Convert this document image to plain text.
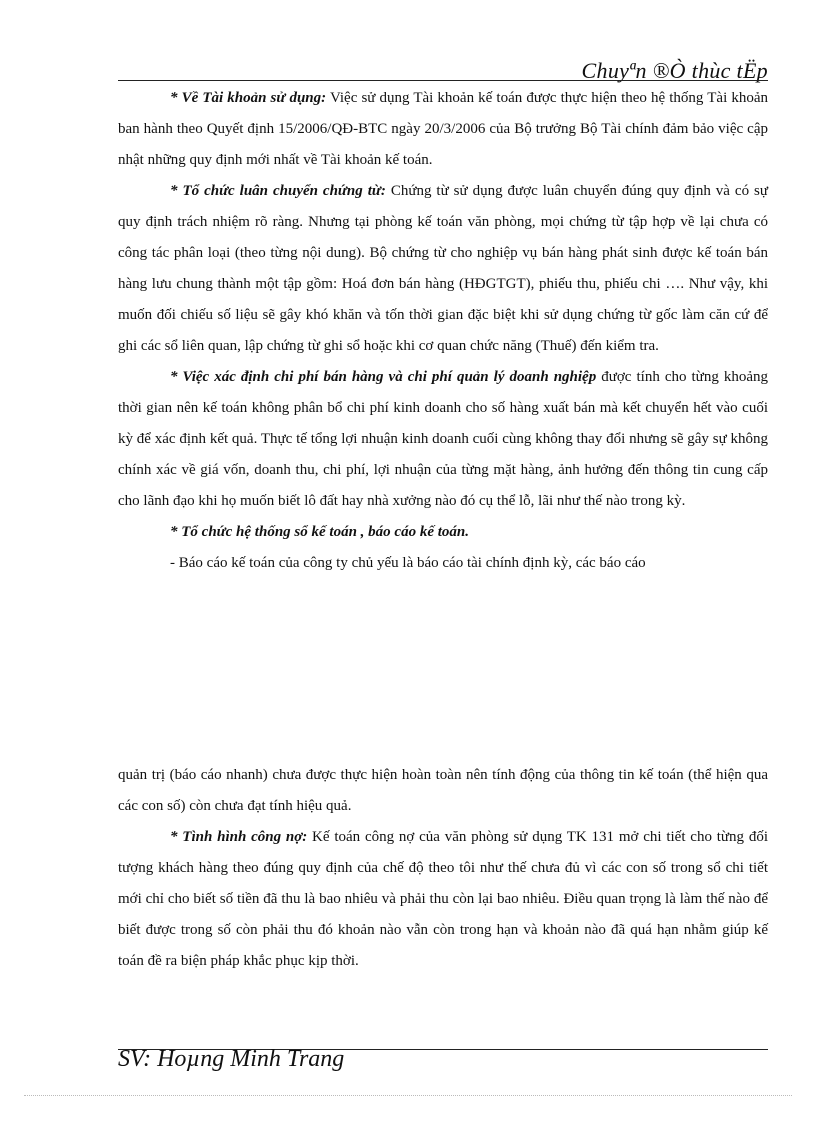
Chuyªn ®Ò thùc tËp

* Về Tài khoản sử dụng: Việc sử dụng Tài khoản kế toán được thực hiện theo hệ thống Tài khoản ban hành theo Quyết định 15/2006/QĐ-BTC ngày 20/3/2006 của Bộ trưởng Bộ Tài chính đảm bảo việc cập nhật những quy định mới nhất về Tài khoản kế toán.

* Tổ chức luân chuyển chứng từ: Chứng từ sử dụng được luân chuyển đúng quy định và có sự quy định trách nhiệm rõ ràng. Nhưng tại phòng kế toán văn phòng, mọi chứng từ tập hợp về lại chưa có công tác phân loại (theo từng nội dung). Bộ chứng từ cho nghiệp vụ bán hàng phát sinh được kế toán bán hàng lưu chung thành một tập gồm: Hoá đơn bán hàng (HĐGTGT), phiếu thu, phiếu chi …. Như vậy, khi muốn đối chiếu số liệu sẽ gây khó khăn và tốn thời gian đặc biệt khi sử dụng chứng từ gốc làm căn cứ để ghi các sổ liên quan, lập chứng từ ghi sổ hoặc khi cơ quan chức năng (Thuế) đến kiểm tra.

* Việc xác định chi phí bán hàng và chi phí quản lý doanh nghiệp được tính cho từng khoảng thời gian nên kế toán không phân bổ chi phí kinh doanh cho số hàng xuất bán mà kết chuyển hết vào cuối kỳ để xác định kết quả. Thực tế tổng lợi nhuận kinh doanh cuối cùng không thay đổi nhưng sẽ gây sự không chính xác về giá vốn, doanh thu, chi phí, lợi nhuận của từng mặt hàng, ảnh hưởng đến thông tin cung cấp cho lãnh đạo khi họ muốn biết lô đất hay nhà xưởng nào đó cụ thể lỗ, lãi như thế nào trong kỳ.

* Tổ chức hệ thống sổ kế toán , báo cáo kế toán.

- Báo cáo kế toán của công ty chủ yếu là báo cáo tài chính định kỳ, các báo cáo

quản trị (báo cáo nhanh) chưa được thực hiện hoàn toàn nên tính động của thông tin kế toán (thể hiện qua các con số) còn chưa đạt tính hiệu quả.

* Tình hình công nợ: Kế toán công nợ của văn phòng sử dụng TK 131 mở chi tiết cho từng đối tượng khách hàng theo đúng quy định của chế độ theo tôi như thế chưa đủ vì các con số trong sổ chi tiết mới chỉ cho biết số tiền đã thu là bao nhiêu và phải thu còn lại bao nhiêu. Điều quan trọng là làm thế nào để biết được trong số còn phải thu đó khoản nào vẫn còn trong hạn và khoản nào đã quá hạn nhằm giúp kế toán đề ra biện pháp khắc phục kịp thời.

SV: Hoµng Minh Trang
